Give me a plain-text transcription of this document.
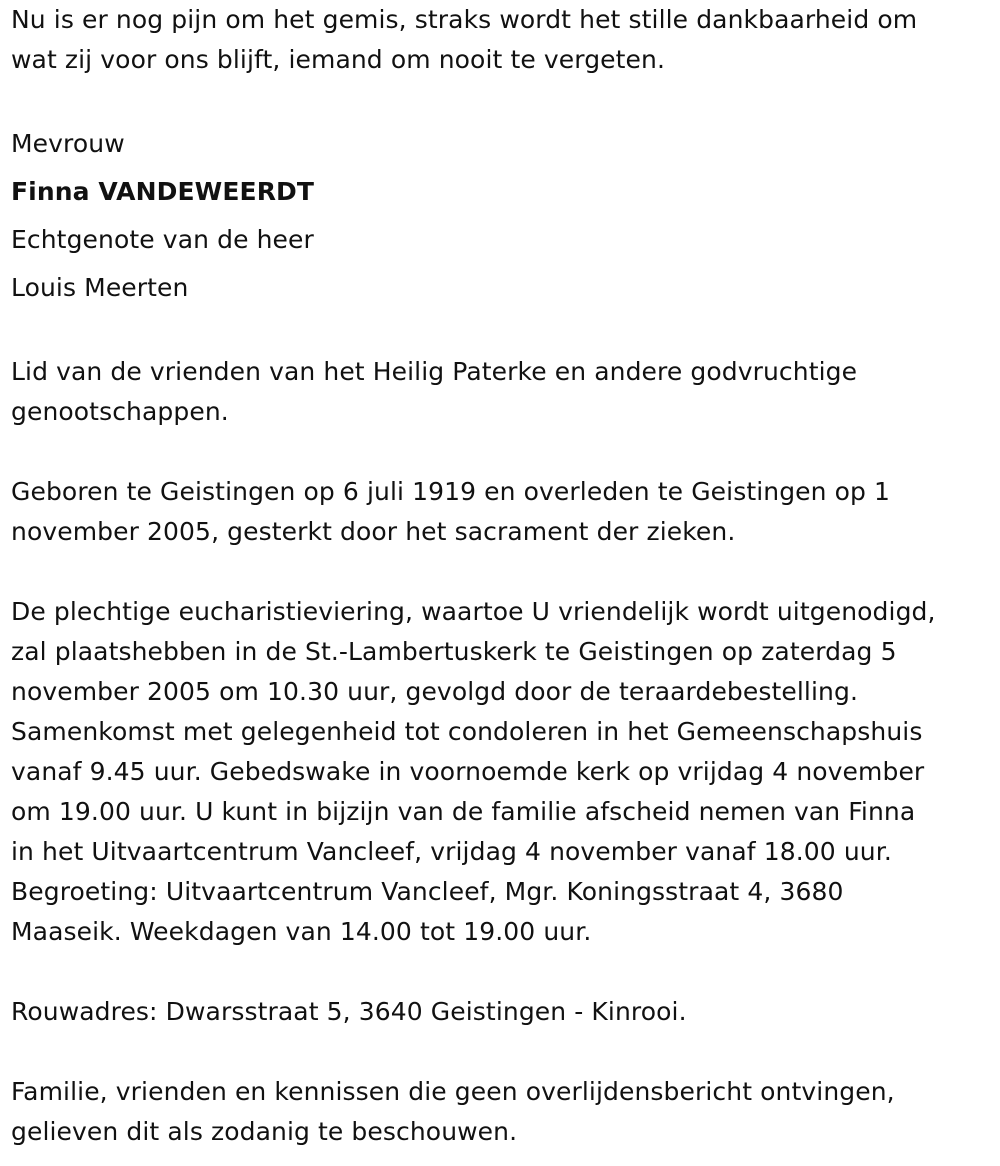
Nu is er nog pijn om het gemis, straks wordt het stille dankbaarheid om
wat zij voor ons blijft, iemand om nooit te vergeten.
Mevrouw
Finna VANDEWEERDT
Echtgenote van de heer
Louis Meerten
Lid van de vrienden van het Heilig Paterke en andere godvruchtige
genootschappen.
Geboren te Geistingen op 6 juli 1919 en overleden te Geistingen op 1
november 2005, gesterkt door het sacrament der zieken.
De plechtige eucharistieviering, waartoe U vriendelijk wordt uitgenodigd,
zal plaatshebben in de St.-Lambertuskerk te Geistingen op zaterdag 5
november 2005 om 10.30 uur, gevolgd door de teraardebestelling.
Samenkomst met gelegenheid tot condoleren in het Gemeenschapshuis
vanaf 9.45 uur. Gebedswake in voornoemde kerk op vrijdag 4 november
om 19.00 uur. U kunt in bijzijn van de familie afscheid nemen van Finna
in het Uitvaartcentrum Vancleef, vrijdag 4 november vanaf 18.00 uur.
Begroeting: Uitvaartcentrum Vancleef, Mgr. Koningsstraat 4, 3680
Maaseik. Weekdagen van 14.00 tot 19.00 uur.
Rouwadres: Dwarsstraat 5, 3640 Geistingen - Kinrooi.
Familie, vrienden en kennissen die geen overlijdensbericht ontvingen,
gelieven dit als zodanig te beschouwen.
